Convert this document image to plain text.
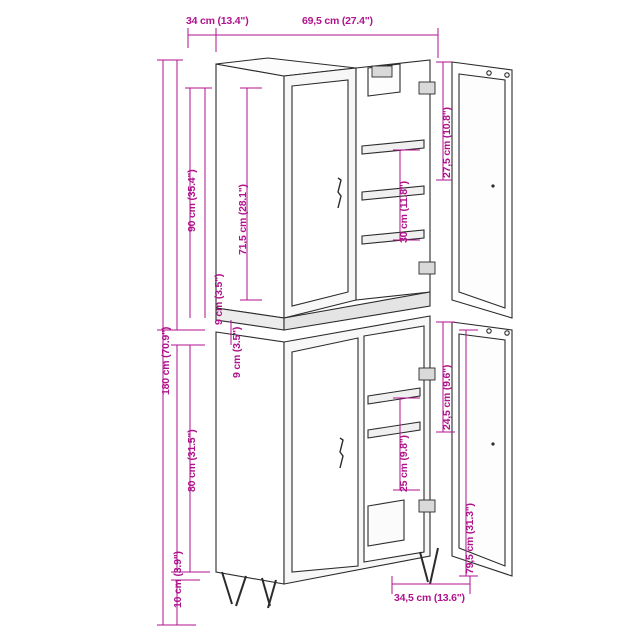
34 cm (13.4")	69,5 cm (27.4")
180 cm (70.9")
90 cm (35.4")	71,5 cm (28.1")
9 cm (3.5")
9 cm (3.5")
80 cm (31.5")
10 cm (3.9")
30 cm (11.8")
27,5 cm (10.8")
25 cm (9.8")
24,5 cm (9.6")
79,5 cm (31.3")
34,5 cm (13.6")
